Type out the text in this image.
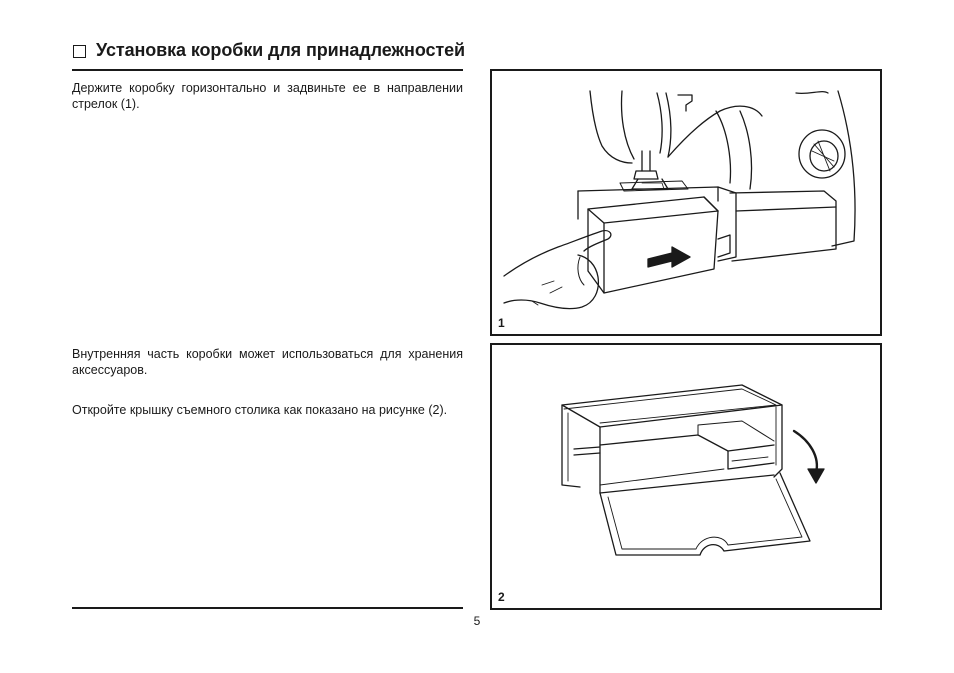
Установка коробки для принадлежностей
Держите коробку горизонтально и задвиньте ее в направлении стрелок (1).
Внутренняя часть коробки может использоваться для хранения аксессуаров.
Откройте крышку съемного столика как показано на рисунке (2).
5
1
2
